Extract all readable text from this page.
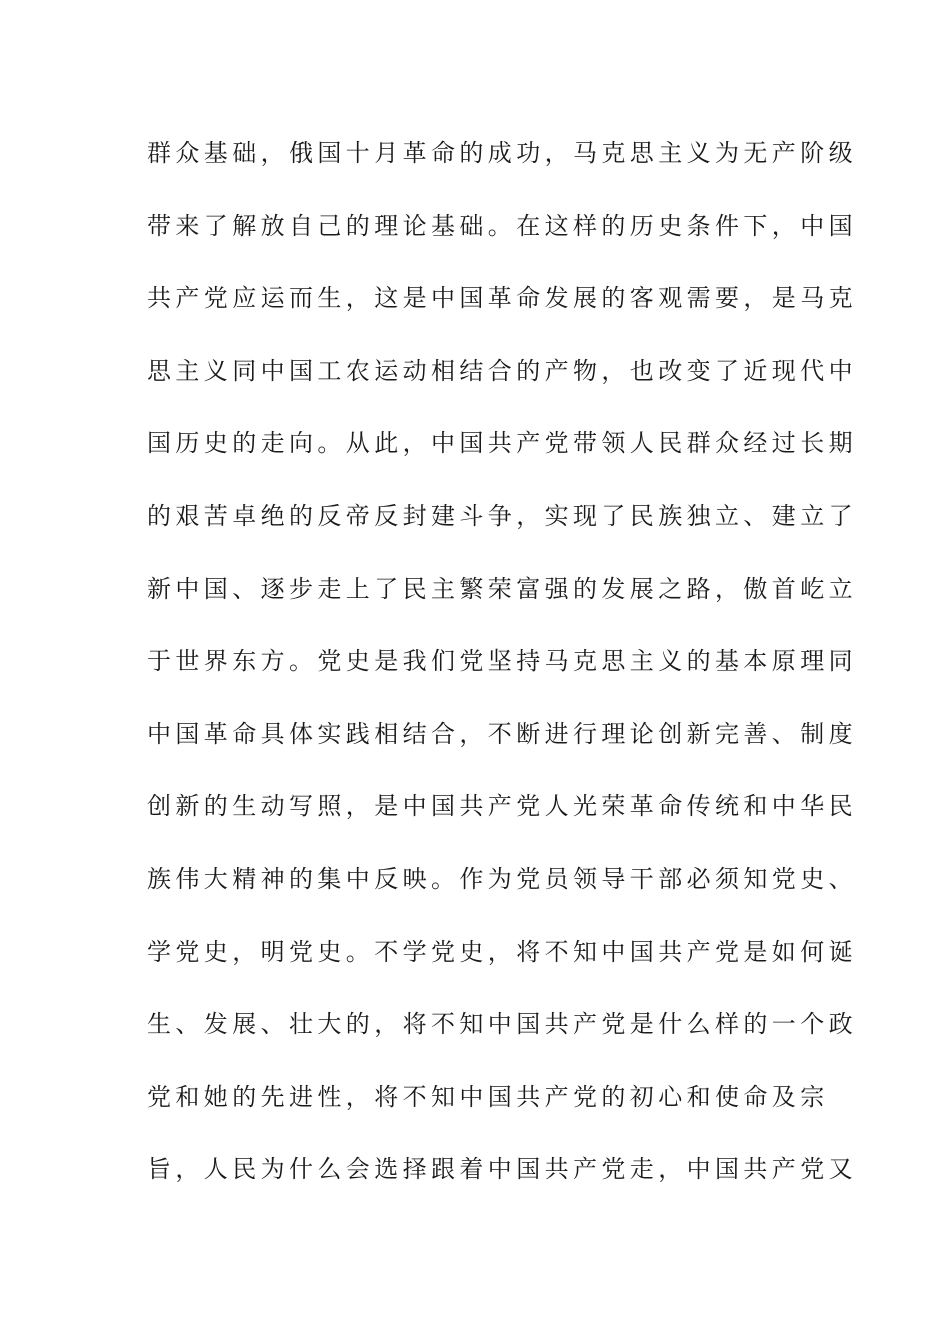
群众基础，俄国十月革命的成功，马克思主义为无产阶级
带来了解放自己的理论基础。在这样的历史条件下，中国
共产党应运而生，这是中国革命发展的客观需要，是马克
思主义同中国工农运动相结合的产物，也改变了近现代中
国历史的走向。从此，中国共产党带领人民群众经过长期
的艰苦卓绝的反帝反封建斗争，实现了民族独立、建立了
新中国、逐步走上了民主繁荣富强的发展之路，傲首屹立
于世界东方。党史是我们党坚持马克思主义的基本原理同
中国革命具体实践相结合，不断进行理论创新完善、制度
创新的生动写照，是中国共产党人光荣革命传统和中华民
族伟大精神的集中反映。作为党员领导干部必须知党史、
学党史，明党史。不学党史，将不知中国共产党是如何诞
生、发展、壮大的，将不知中国共产党是什么样的一个政
党和她的先进性，将不知中国共产党的初心和使命及宗
旨，人民为什么会选择跟着中国共产党走，中国共产党又
